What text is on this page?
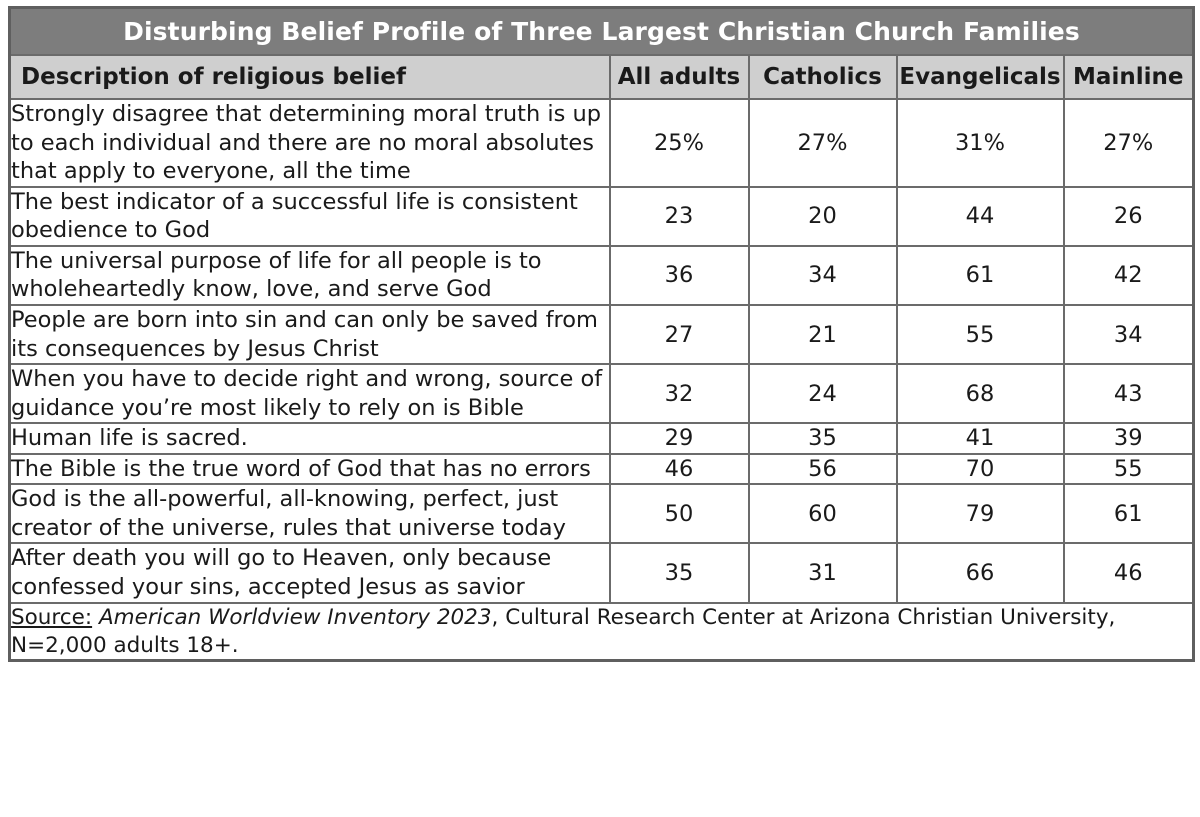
Disturbing Belief Profile of Three Largest Christian Church Families				
Description of religious belief	All adults	Catholics	Evangelicals	Mainline
Strongly disagree that determining moral truth is up to each individual and there are no moral absolutes that apply to everyone, all the time	25%	27%	31%	27%
The best indicator of a successful life is consistent obedience to God	23	20	44	26
The universal purpose of life for all people is to wholeheartedly know, love, and serve God	36	34	61	42
People are born into sin and can only be saved from its consequences by Jesus Christ	27	21	55	34
When you have to decide right and wrong, source of guidance you’re most likely to rely on is Bible	32	24	68	43
Human life is sacred.	29	35	41	39
The Bible is the true word of God that has no errors	46	56	70	55
God is the all-powerful, all-knowing, perfect, just creator of the universe, rules that universe today	50	60	79	61
After death you will go to Heaven, only because confessed your sins, accepted Jesus as savior	35	31	66	46
Source: American Worldview Inventory 2023, Cultural Research Center at Arizona Christian University, N=2,000 adults 18+.				
